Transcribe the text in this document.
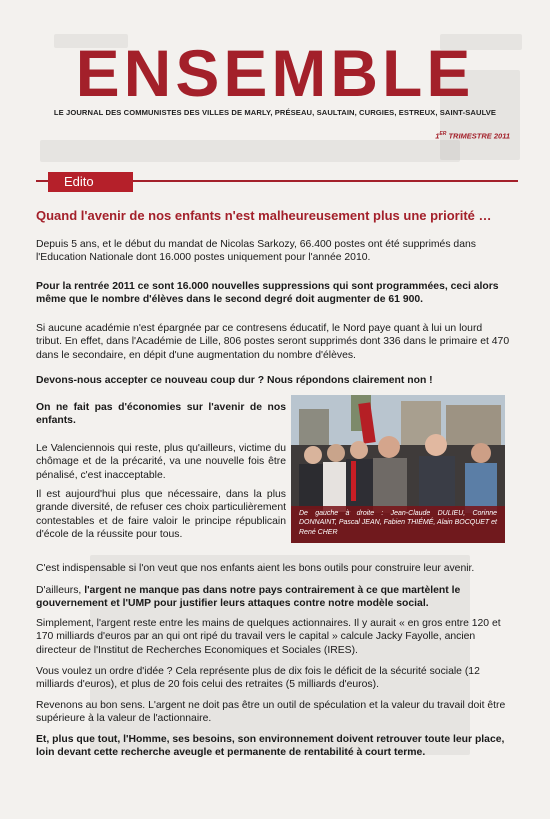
ENSEMBLE
LE JOURNAL DES COMMUNISTES DES VILLES DE MARLY, PRÉSEAU, SAULTAIN, CURGIES, ESTREUX, SAINT-SAULVE
1ER TRIMESTRE 2011
Edito
Quand l'avenir de nos enfants n'est malheureusement plus une priorité …

Depuis 5 ans, et le début du mandat de Nicolas Sarkozy, 66.400 postes ont été supprimés dans l'Education Nationale dont 16.000 postes uniquement pour l'année 2010.

Pour la rentrée 2011 ce sont 16.000 nouvelles suppressions qui sont programmées, ceci alors même que le nombre d'élèves dans le second degré doit augmenter de 61 900.

Si aucune académie n'est épargnée par ce contresens éducatif, le Nord paye quant à lui un lourd tribut. En effet, dans l'Académie de Lille, 806 postes seront supprimés dont 336 dans le primaire et 470 dans le secondaire, en dépit d'une augmentation du nombre d'élèves.

Devons-nous accepter ce nouveau coup dur ? Nous répondons clairement non !

On ne fait pas d'économies sur l'avenir de nos enfants.

Le Valenciennois qui reste, plus qu'ailleurs, victime du chômage et de la précarité, va une nouvelle fois être pénalisé, c'est inacceptable.

Il est aujourd'hui plus que nécessaire, dans la plus grande diversité, de refuser ces choix particulièrement contestables et de faire valoir le principe républicain d'école de la réussite pour tous.

De gauche à droite : Jean-Claude DULIEU, Corinne DONNAINT, Pascal JEAN, Fabien THIÉMÉ, Alain BOCQUET et René CHER

C'est indispensable si l'on veut que nos enfants aient les bons outils pour construire leur avenir.

D'ailleurs, l'argent ne manque pas dans notre pays contrairement à ce que martèlent le gouvernement et l'UMP pour justifier leurs attaques contre notre modèle social.

Simplement, l'argent reste entre les mains de quelques actionnaires. Il y aurait « en gros entre 120 et 170 milliards d'euros par an qui ont ripé du travail vers le capital » calcule Jacky Fayolle, ancien directeur de l'Institut de Recherches Economiques et Sociales (IRES).

Vous voulez un ordre d'idée ? Cela représente plus de dix fois le déficit de la sécurité sociale (12 milliards d'euros), et plus de 20 fois celui des retraites (5 milliards d'euros).

Revenons au bon sens. L'argent ne doit pas être un outil de spéculation et la valeur du travail doit être supérieure à la valeur de l'actionnaire.

Et, plus que tout, l'Homme, ses besoins, son environnement doivent retrouver toute leur place, loin devant cette recherche aveugle et permanente de rentabilité à court terme.
